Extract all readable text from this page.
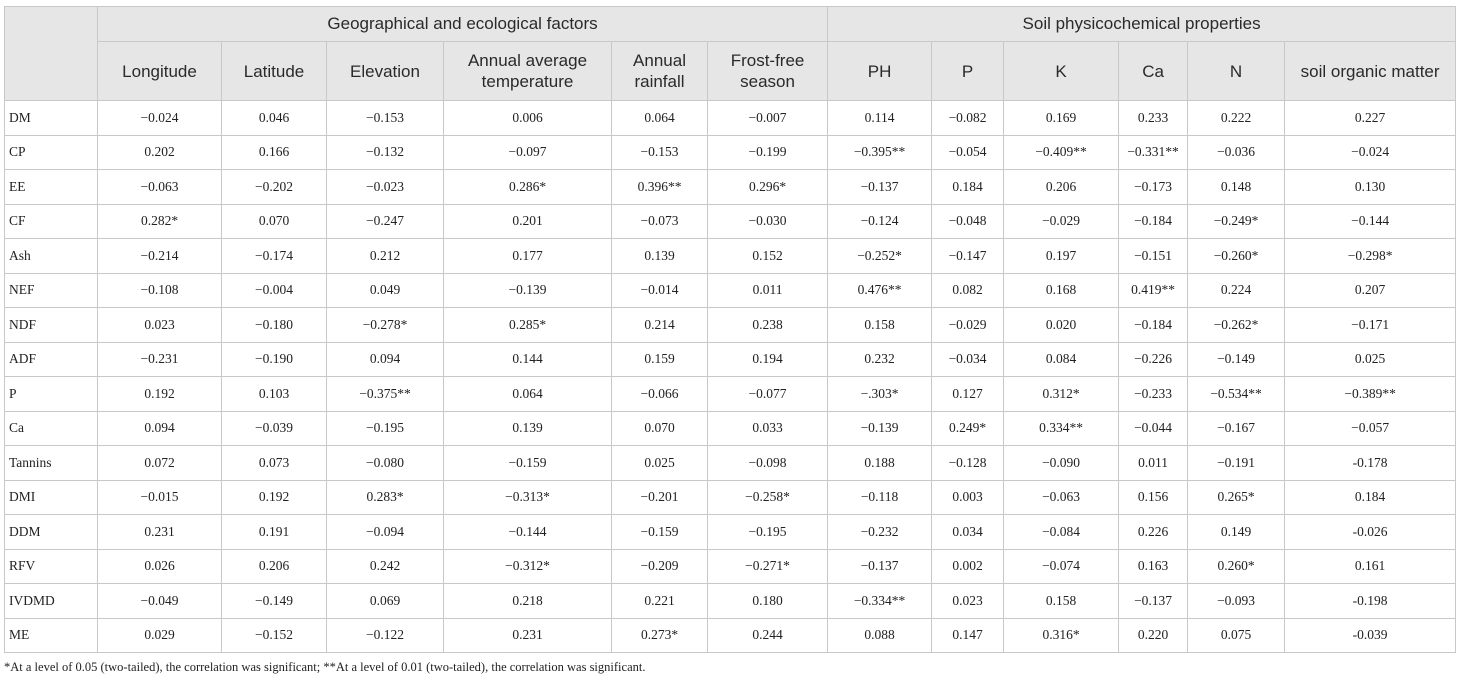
	Geographical and ecological factors						Soil physicochemical properties					
	Longitude	Latitude	Elevation	Annual average temperature	Annual rainfall	Frost-free season	PH	P	K	Ca	N	soil organic matter
DM	−0.024	0.046	−0.153	0.006	0.064	−0.007	0.114	−0.082	0.169	0.233	0.222	0.227
CP	0.202	0.166	−0.132	−0.097	−0.153	−0.199	−0.395**	−0.054	−0.409**	−0.331**	−0.036	−0.024
EE	−0.063	−0.202	−0.023	0.286*	0.396**	0.296*	−0.137	0.184	0.206	−0.173	0.148	0.130
CF	0.282*	0.070	−0.247	0.201	−0.073	−0.030	−0.124	−0.048	−0.029	−0.184	−0.249*	−0.144
Ash	−0.214	−0.174	0.212	0.177	0.139	0.152	−0.252*	−0.147	0.197	−0.151	−0.260*	−0.298*
NEF	−0.108	−0.004	0.049	−0.139	−0.014	0.011	0.476**	0.082	0.168	0.419**	0.224	0.207
NDF	0.023	−0.180	−0.278*	0.285*	0.214	0.238	0.158	−0.029	0.020	−0.184	−0.262*	−0.171
ADF	−0.231	−0.190	0.094	0.144	0.159	0.194	0.232	−0.034	0.084	−0.226	−0.149	0.025
P	0.192	0.103	−0.375**	0.064	−0.066	−0.077	−.303*	0.127	0.312*	−0.233	−0.534**	−0.389**
Ca	0.094	−0.039	−0.195	0.139	0.070	0.033	−0.139	0.249*	0.334**	−0.044	−0.167	−0.057
Tannins	0.072	0.073	−0.080	−0.159	0.025	−0.098	0.188	−0.128	−0.090	0.011	−0.191	-0.178
DMI	−0.015	0.192	0.283*	−0.313*	−0.201	−0.258*	−0.118	0.003	−0.063	0.156	0.265*	0.184
DDM	0.231	0.191	−0.094	−0.144	−0.159	−0.195	−0.232	0.034	−0.084	0.226	0.149	-0.026
RFV	0.026	0.206	0.242	−0.312*	−0.209	−0.271*	−0.137	0.002	−0.074	0.163	0.260*	0.161
IVDMD	−0.049	−0.149	0.069	0.218	0.221	0.180	−0.334**	0.023	0.158	−0.137	−0.093	-0.198
ME	0.029	−0.152	−0.122	0.231	0.273*	0.244	0.088	0.147	0.316*	0.220	0.075	-0.039
*At a level of 0.05 (two-tailed), the correlation was significant; **At a level of 0.01 (two-tailed), the correlation was significant.
